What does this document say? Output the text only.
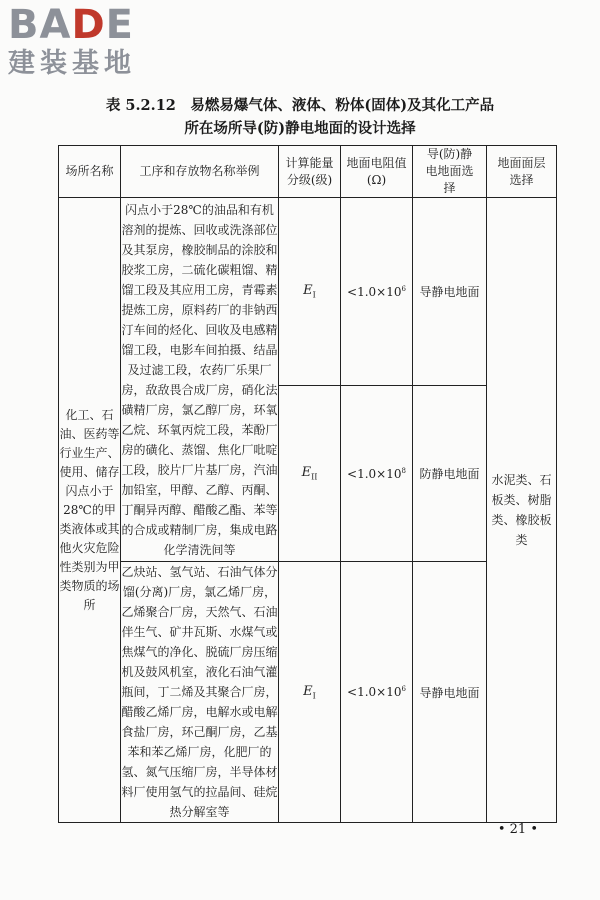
BADE
建装基地
表 5.2.12　易燃易爆气体、液体、粉体(固体)及其化工产品
所在场所导(防)静电地面的设计选择
场所名称	工序和存放物名称举例	计算能量分级(级)	地面电阻值(Ω)	导(防)静电地面选择	地面面层选择
化工、石油、医药等行业生产、使用、储存闪点小于28℃的甲类液体或其他火灾危险性类别为甲类物质的场所	闪点小于28℃的油品和有机溶剂的提炼、回收或洗涤部位及其泵房，橡胶制品的涂胶和胶浆工房，二硫化碳粗馏、精馏工段及其应用工房，青霉素提炼工房，原料药厂的非钠西汀车间的烃化、回收及电感精馏工段，电影车间拍摄、结晶及过滤工段，农药厂乐果厂房，敌敌畏合成厂房，硝化法磺精厂房，氯乙醇厂房，环氧乙烷、环氧丙烷工段，苯酚厂房的磺化、蒸馏、焦化厂吡啶工段，胶片厂片基厂房，汽油加铅室，甲醇、乙醇、丙酮、丁酮异丙醇、醋酸乙酯、苯等的合成或精制厂房，集成电路化学清洗间等	$E_I$	$<1.0\times 10^6$	导静电地面	水泥类、石板类、树脂类、橡胶板类
		$E_{II}$	$<1.0\times 10^8$	防静电地面	
	乙炔站、氢气站、石油气体分馏(分离)厂房，氯乙烯厂房，乙烯聚合厂房，天然气、石油伴生气、矿井瓦斯、水煤气或焦煤气的净化、脱硫厂房压缩机及鼓风机室，液化石油气灌瓶间，丁二烯及其聚合厂房，醋酸乙烯厂房，电解水或电解食盐厂房，环己酮厂房，乙基苯和苯乙烯厂房，化肥厂的氢、氮气压缩厂房，半导体材料厂使用氢气的拉晶间、硅烷热分解室等	$E_I$	$<1.0\times 10^6$	导静电地面	
• 21 •
